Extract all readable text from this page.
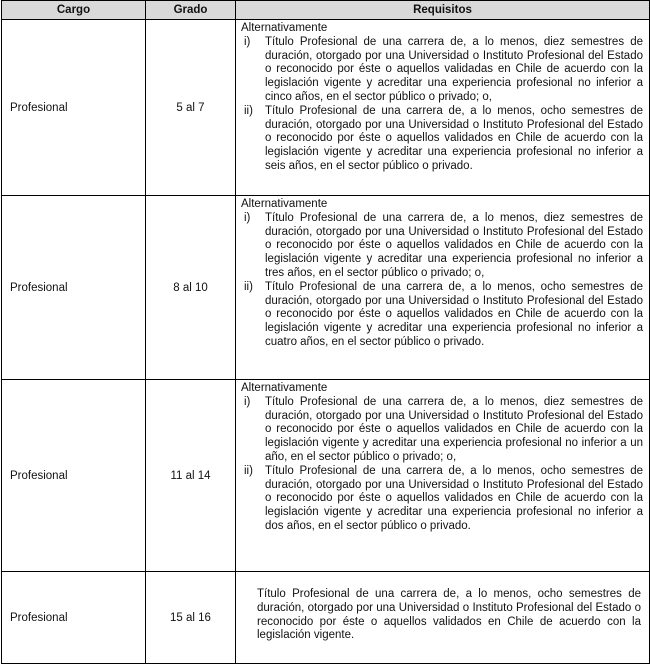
Cargo	Grado	Requisitos
Profesional	5 al 7	Alternativamente
i) Título Profesional de una carrera de, a lo menos, diez semestres de duración, otorgado por una Universidad o Instituto Profesional del Estado o reconocido por éste o aquellos validadas en Chile de acuerdo con la legislación vigente y acreditar una experiencia profesional no inferior a cinco años, en el sector público o privado; o,
ii) Título Profesional de una carrera de, a lo menos, ocho semestres de duración, otorgado por una Universidad o Instituto Profesional del Estado o reconocido por éste o aquellos validados en Chile de acuerdo con la legislación vigente y acreditar una experiencia profesional no inferior a seis años, en el sector público o privado.

Profesional	8 al 10	Alternativamente
i) Título Profesional de una carrera de, a lo menos, diez semestres de duración, otorgado por una Universidad o Instituto Profesional del Estado o reconocido por éste o aquellos validados en Chile de acuerdo con la legislación vigente y acreditar una experiencia profesional no inferior a tres años, en el sector público o privado; o,
ii) Título Profesional de una carrera de, a lo menos, ocho semestres de duración, otorgado por una Universidad o Instituto Profesional del Estado o reconocido por éste o aquellos validados en Chile de acuerdo con la legislación vigente y acreditar una experiencia profesional no inferior a cuatro años, en el sector público o privado.

Profesional	11 al 14	Alternativamente
i) Título Profesional de una carrera de, a lo menos, diez semestres de duración, otorgado por una Universidad o Instituto Profesional del Estado o reconocido por éste o aquellos validados en Chile de acuerdo con la legislación vigente y acreditar una experiencia profesional no inferior a un año, en el sector público o privado; o,
ii) Título Profesional de una carrera de, a lo menos, ocho semestres de duración, otorgado por una Universidad o Instituto Profesional del Estado o reconocido por éste o aquellos validados en Chile de acuerdo con la legislación vigente y acreditar una experiencia profesional no inferior a dos años, en el sector público o privado.

Profesional	15 al 16	Título Profesional de una carrera de, a lo menos, ocho semestres de duración, otorgado por una Universidad o Instituto Profesional del Estado o reconocido por éste o aquellos validados en Chile de acuerdo con la legislación vigente.
